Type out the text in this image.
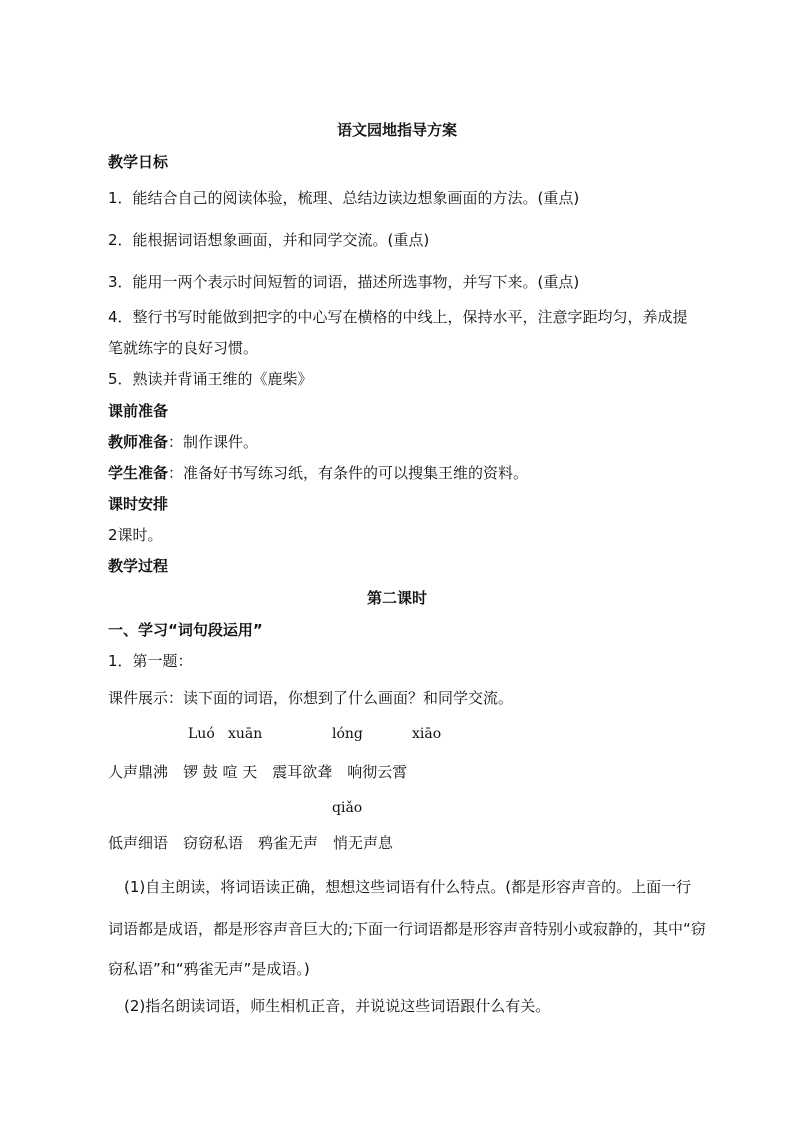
语文园地指导方案
教学日标
1．能结合自己的阅读体验，梳理、总结边读边想象画面的方法。(重点)
2．能根据词语想象画面，并和同学交流。(重点)
3．能用一两个表示时间短暂的词语，描述所选事物，并写下来。(重点)
4．整行书写时能做到把字的中心写在横格的中线上，保持水平，注意字距均匀，养成提
笔就练字的良好习惯。
5．熟读并背诵王维的《鹿柴》
课前准备
教师准备：制作课件。
学生准备：准备好书写练习纸，有条件的可以搜集王维的资料。
课时安排
2课时。
教学过程
第二课时
一、学习“词句段运用”
1．第一题：
课件展示：读下面的词语，你想到了什么画面？和同学交流。
Luó xuān	lóng	xiāo
人声鼎沸　锣 鼓 喧 天　震耳欲聋　响彻云霄
qiǎo
低声细语　窃窃私语　鸦雀无声　悄无声息
(1)自主朗读，将词语读正确，想想这些词语有什么特点。(都是形容声音的。上面一行
词语都是成语，都是形容声音巨大的;下面一行词语都是形容声音特别小或寂静的，其中“窃
窃私语”和“鸦雀无声”是成语。)
(2)指名朗读词语，师生相机正音，并说说这些词语跟什么有关。
